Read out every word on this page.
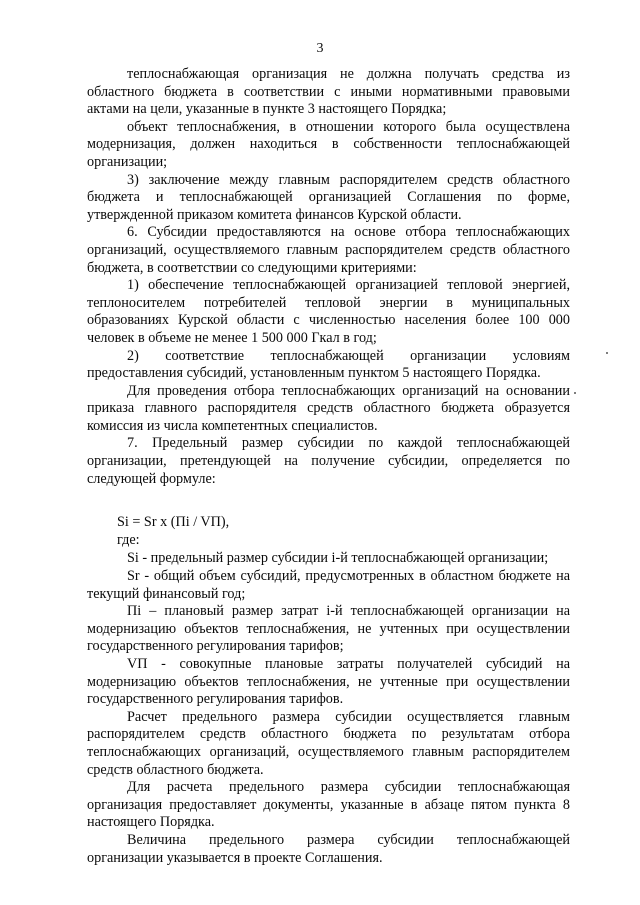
3

теплоснабжающая организация не должна получать средства из областного бюджета в соответствии с иными нормативными правовыми актами на цели, указанные в пункте 3 настоящего Порядка;

объект теплоснабжения, в отношении которого была осуществлена модернизация, должен находиться в собственности теплоснабжающей организации;

3) заключение между главным распорядителем средств областного бюджета и теплоснабжающей организацией Соглашения по форме, утвержденной приказом комитета финансов Курской области.

6. Субсидии предоставляются на основе отбора теплоснабжающих организаций, осуществляемого главным распорядителем средств областного бюджета, в соответствии со следующими критериями:

1) обеспечение теплоснабжающей организацией тепловой энергией, теплоносителем потребителей тепловой энергии в муниципальных образованиях Курской области с численностью населения более 100 000 человек в объеме не менее 1 500 000 Гкал в год;

2) соответствие теплоснабжающей организации условиям предоставления субсидий, установленным пунктом 5 настоящего Порядка.

Для проведения отбора теплоснабжающих организаций на основании приказа главного распорядителя средств областного бюджета образуется комиссия из числа компетентных специалистов.

7. Предельный размер субсидии по каждой теплоснабжающей организации, претендующей на получение субсидии, определяется по следующей формуле:

Si = Sr x (Пi / VП),

где:

Si - предельный размер субсидии i-й теплоснабжающей организации;

Sr - общий объем субсидий, предусмотренных в областном бюджете на текущий финансовый год;

Пi – плановый размер затрат i-й теплоснабжающей организации на модернизацию объектов теплоснабжения, не учтенных при осуществлении государственного регулирования тарифов;

VП - совокупные плановые затраты получателей субсидий на модернизацию объектов теплоснабжения, не учтенные при осуществлении государственного регулирования тарифов.

Расчет предельного размера субсидии осуществляется главным распорядителем средств областного бюджета по результатам отбора теплоснабжающих организаций, осуществляемого главным распорядителем средств областного бюджета.

Для расчета предельного размера субсидии теплоснабжающая организация предоставляет документы, указанные в абзаце пятом пункта 8 настоящего Порядка.

Величина предельного размера субсидии теплоснабжающей организации указывается в проекте Соглашения.
